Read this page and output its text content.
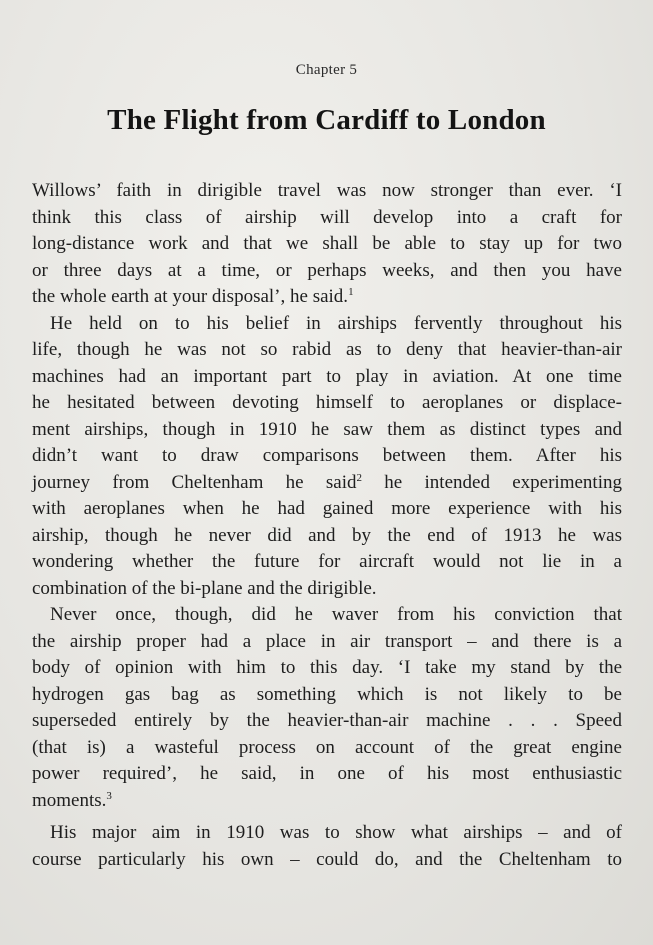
Chapter 5
The Flight from Cardiff to London
Willows’ faith in dirigible travel was now stronger than ever. ‘I
think this class of airship will develop into a craft for
long-distance work and that we shall be able to stay up for two
or three days at a time, or perhaps weeks, and then you have
the whole earth at your disposal’, he said.$^1$
He held on to his belief in airships fervently throughout his
life, though he was not so rabid as to deny that heavier-than-air
machines had an important part to play in aviation. At one time
he hesitated between devoting himself to aeroplanes or displace-
ment airships, though in 1910 he saw them as distinct types and
didn’t want to draw comparisons between them. After his
journey from Cheltenham he said$^2$ he intended experimenting
with aeroplanes when he had gained more experience with his
airship, though he never did and by the end of 1913 he was
wondering whether the future for aircraft would not lie in a
combination of the bi-plane and the dirigible.
Never once, though, did he waver from his conviction that
the airship proper had a place in air transport – and there is a
body of opinion with him to this day. ‘I take my stand by the
hydrogen gas bag as something which is not likely to be
superseded entirely by the heavier-than-air machine . . . Speed
(that is) a wasteful process on account of the great engine
power required’, he said, in one of his most enthusiastic
moments.$^3$
His major aim in 1910 was to show what airships – and of
course particularly his own – could do, and the Cheltenham to
